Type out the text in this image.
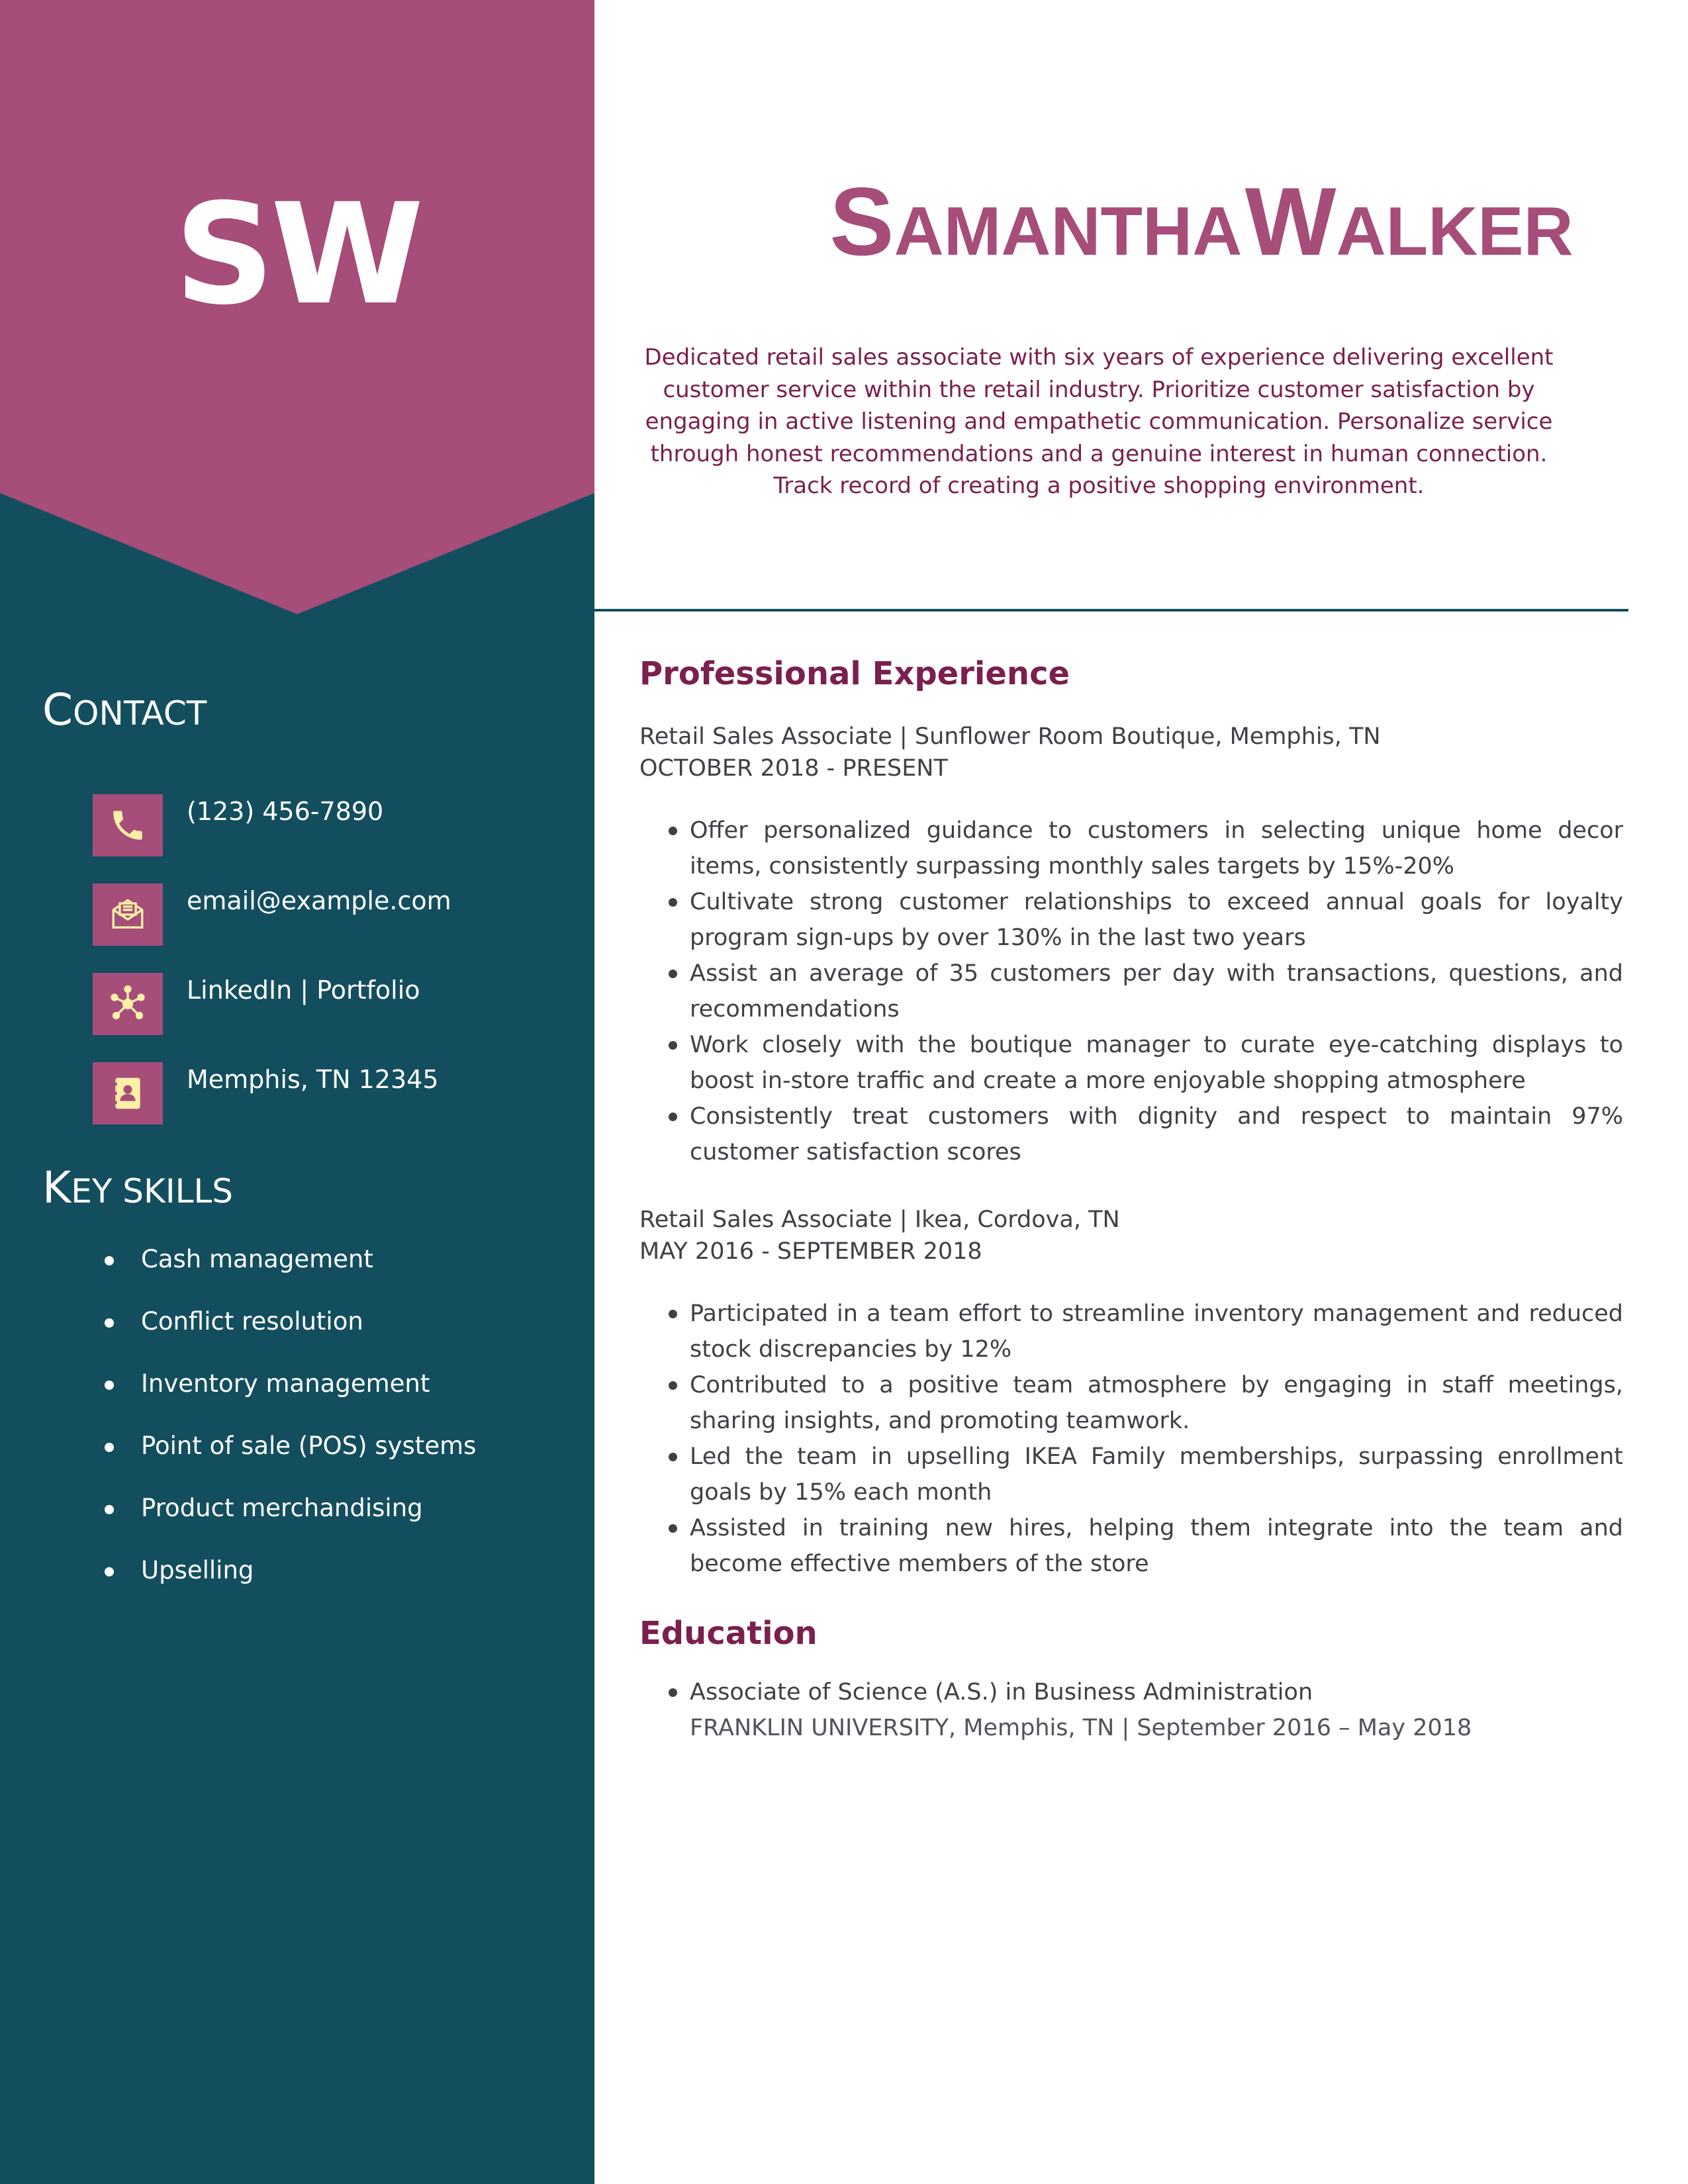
SW
CONTACT
(123) 456-7890
email@example.com
LinkedIn | Portfolio
Memphis, TN 12345
KEY SKILLS
Cash management
Conflict resolution
Inventory management
Point of sale (POS) systems
Product merchandising
Upselling
SAMANTHA WALKER

Dedicated retail sales associate with six years of experience delivering excellent customer service within the retail industry. Prioritize customer satisfaction by engaging in active listening and empathetic communication. Personalize service through honest recommendations and a genuine interest in human connection. Track record of creating a positive shopping environment.

Professional Experience
Retail Sales Associate | Sunflower Room Boutique, Memphis, TN
OCTOBER 2018 - PRESENT
Offer personalized guidance to customers in selecting unique home decor items, consistently surpassing monthly sales targets by 15%-20%
Cultivate strong customer relationships to exceed annual goals for loyalty program sign-ups by over 130% in the last two years
Assist an average of 35 customers per day with transactions, questions, and recommendations
Work closely with the boutique manager to curate eye-catching displays to boost in-store traffic and create a more enjoyable shopping atmosphere
Consistently treat customers with dignity and respect to maintain 97% customer satisfaction scores
Retail Sales Associate | Ikea, Cordova, TN
MAY 2016 - SEPTEMBER 2018
Participated in a team effort to streamline inventory management and reduced stock discrepancies by 12%
Contributed to a positive team atmosphere by engaging in staff meetings, sharing insights, and promoting teamwork.
Led the team in upselling IKEA Family memberships, surpassing enrollment goals by 15% each month
Assisted in training new hires, helping them integrate into the team and become effective members of the store
Education
Associate of Science (A.S.) in Business Administration
FRANKLIN UNIVERSITY, Memphis, TN | September 2016 – May 2018
